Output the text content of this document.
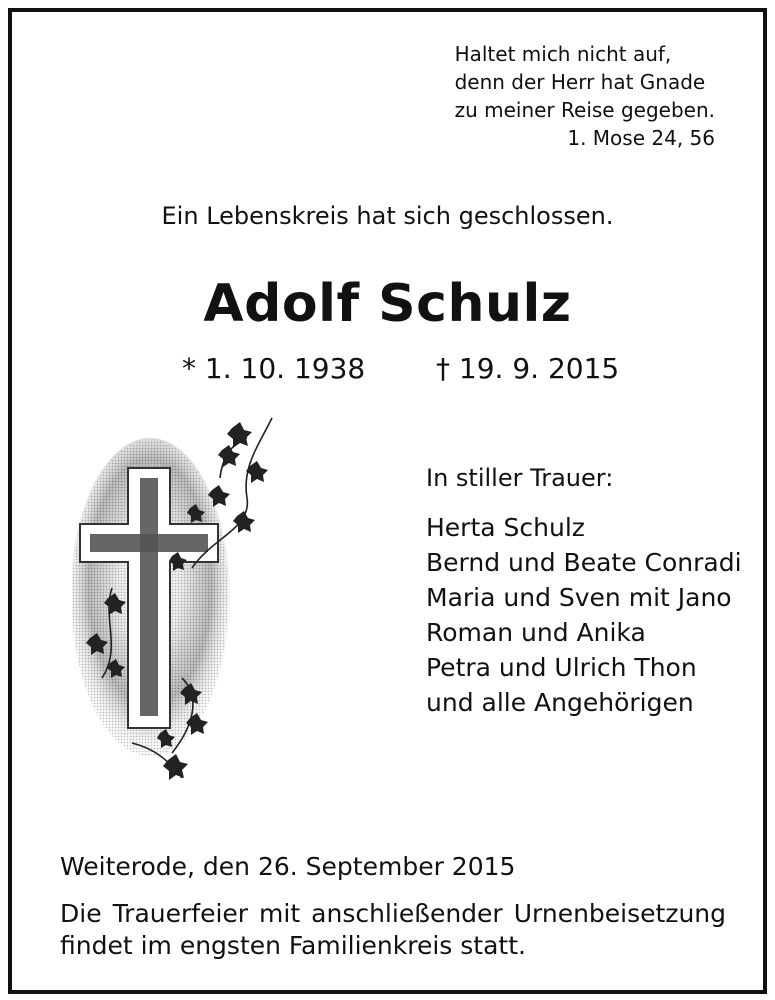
Haltet mich nicht auf,
denn der Herr hat Gnade
zu meiner Reise gegeben.
1. Mose 24, 56
Ein Lebenskreis hat sich geschlossen.
Adolf Schulz
* 1. 10. 1938	† 19. 9. 2015
In stiller Trauer:
Herta Schulz
Bernd und Beate Conradi
Maria und Sven mit Jano
Roman und Anika
Petra und Ulrich Thon
und alle Angehörigen
Weiterode, den 26. September 2015
Die Trauerfeier mit anschließender Urnenbeisetzung findet im engsten Familienkreis statt.
